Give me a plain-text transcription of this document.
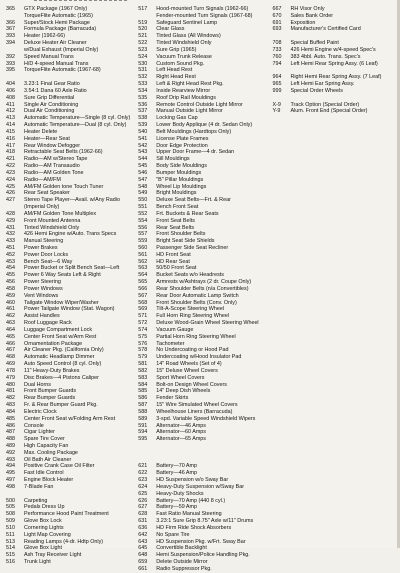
365	GTX Package (1967 Only)
TorqueFlite Automatic (1965)
366	Super/Stock Hemi Package
367	Formula Package (Barracuda)
393	Heater (1962-66)
394	Deluxe Heater Air Cleaner
w/Dual Exhaust (Imperial Only)
392	Speed Manual Trans
393	H/D 4-speed Manual Trans
395	TorqueFlite Automatic (1967-68)
404	3.23:1 Final Gear Ratio
406	3.54:1 Dana 60 Axle Ratio
408	Sure Grip Differential
411	Single Air Conditioning
412	Dual Air Conditioning
413	Automatic Temperature—Single (8 cyl. Only)
414	Automatic Temperature—Dual (8 cyl. Only)
415	Heater Delete
416	Heater—Rear Seat
417	Rear Window Defogger
418	Retractable Seat Belts (1962-66)
421	Radio—AM w/Stereo Tape
422	Radio—AM Transaudio
423	Radio—AM Golden Tone
424	Radio—AM/FM
425	AM/FM Golden tone Touch Tuner
426	Rear Seat Speaker
427	Stereo Tape Player—Avail. w/Any Radio
(Imperial Only)
428	AM/FM Golden Tone Multiplex
429	Front Mounted Antenna
431	Tinted Windshield Only
432	426 Hemi Engine w/Auto. Trans Specs
433	Manual Steering
451	Power Brakes
452	Power Door Locks
453	Bench Seat—6 Way
454	Power Bucket or Split Bench Seat—Left
455	Power 6 Way Seats Left & Right
456	Power Steering
458	Power Windows
459	Vent Windows
460	Tailgate Window Wiper/Washer
461	Power Tailgate Window (Stat. Wagon)
462	Assist Handles
463	Roof Luggage Rack
464	Luggage Compartment Lock
465	Center Front Seat w/Arm Rest
466	Ornamentation Package
467	Air Cleaner Pkg. (California Only)
468	Automatic Headlamp Dimmer
469	Auto Speed Control (8 cyl. Only)
478	11" Heavy-Duty Brakes
479	Disc Brakes—4 Pistons Caliper
480	Dual Horns
481	Front Bumper Guards
482	Rear Bumper Guards
483	Fr. & Rear Bumper Guard Pkg.
484	Electric Clock
485	Center Front Seat w/Folding Arm Rest
486	Console
487	Cigar Lighter
488	Spare Tire Cover
489	High Capacity Fan
492	Max. Cooling Package
493	Oil Bath Air Cleaner
494	Positive Crank Case Oil Filter
495	Fast Idle Control
497	Engine Block Heater
498	7-Blade Fan
500	Carpeting
505	Pedals Dress Up
508	Performance Hood Paint Treatment
509	Glove Box Lock
510	Cornering Lights
511	Light Map Covering
513	Reading Lamps (4-dr. Hdtp Only)
514	Glove Box Light
515	Ash Tray Receiver Light
516	Trunk Light
517	Hood-mounted Turn Signals (1962-66)
Fender-mounted Turn Signals (1967-68)
519	Safeguard Sentinel Lamp
520	Clear Glass
521	Tinted Glass (All Windows)
522	Tinted Windshield Only
523	Sure Grip (1965)
524	Vacuum Trunk Release
530	Custom Sound Pkg.
531	Left Head Rest
532	Right Head Rest
533	Left & Right Head Rest Pkg.
534	Inside Rearview Mirror
535	Roof Drip Rail Mouldings
536	Remote Control Outside Light Mirror
537	Manual Outside Light Mirror
538	Locking Gas Cap
539	Lower Body Applique (4 dr. Sedan Only)
540	Belt Mouldings (Hardtops Only)
541	License Plate Frames
542	Door Edge Protection
543	Upper Door Frame—4 dr. Sedan
544	Sill Mouldings
545	Body Side Mouldings
546	Bumper Mouldings
547	"B" Pillar Mouldings
548	Wheel Lip Mouldings
549	Bright Mouldings
550	Deluxe Seat Belts—Frt. & Rear
551	Bench Front Seat
552	Frt. Buckets & Rear Seats
554	Front Seat Belts
556	Rear Seat Belts
557	Front Shoulder Belts
559	Bright Seat Side Shields
560	Passenger Side Seat Recliner
561	HD Front Seat
562	HD Rear Seat
563	50/50 Front Seat
564	Bucket Seats w/o Headrests
565	Armrests w/Ashtrays (2 dr. Coupe Only)
566	Rear Shoulder Belts (n/a Convertibles)
567	Rear Door Automatic Lamp Switch
568	Front Shoulder Belts (Conv. Only)
569	Tilt-A-Scope Steering Wheel
571	Full Horn Ring Steering Wheel
572	Deluxe Wood-Grain Wheel Steering Wheel
574	Vacuum Gauge
575	Partial Horn Ring Steering Wheel
576	Tachometer
578	No Undercoating or Hood Pad
579	Undercoating w/Hood Insulator Pad
581	14" Road Wheels (Set of 4)
582	15" Deluxe Wheel Covers
583	Sport Wheel Covers
584	Bolt-on Design Wheel Covers
585	14" Deep Dish Wheels
586	Fender Skirts
587	15" Wire Simulated Wheel Covers
588	Wheelhouse Liners (Barracuda)
589	3-spd. Variable Speed Windshield Wipers
591	Alternator—46 Amps
594	Alternator—60 Amps
595	Alternator—65 Amps
621	Battery—70 Amp
622	Battery—46 Amp
623	HD Suspension w/o Sway Bar
624	Heavy-Duty Suspension w/Sway Bar
625	Heavy-Duty Shocks
626	Battery—70 Amp (440 8 cyl.)
627	Battery—59 Amp
628	Fast Ratio Manual Steering
631	3.23:1 Sure Grip 8.75" Axle w/11" Drums
636	HD Firm Ride Shock Absorbers
642	No Spare Tire
643	HD Suspension Pkg. w/Frt. Sway Bar
645	Convertible Backlight
648	Hemi Suspension/Police Handling Pkg.
659	Delete Outside Mirror
661	Radio Suppressor Pkg.
667	RH Visor Only
670	Sales Bank Order
691	Exposition
693	Manufacturer's Certified Card
708	Special Buffed Paint
733	426 Hemi Engine w/4-speed Spec's
760	383 4bbl. Auto. Trans. Spec's
794	Left Hemi Rear Spring Assy. (6 Leaf)
964	Right Hemi Rear Spring Assy. (7 Leaf)
965	Left Hemi Ear Spring Assy.
999	Special Order Wheels
X-9	Track Option (Special Order)
Y-9	Alum. Front End (Special Order)
